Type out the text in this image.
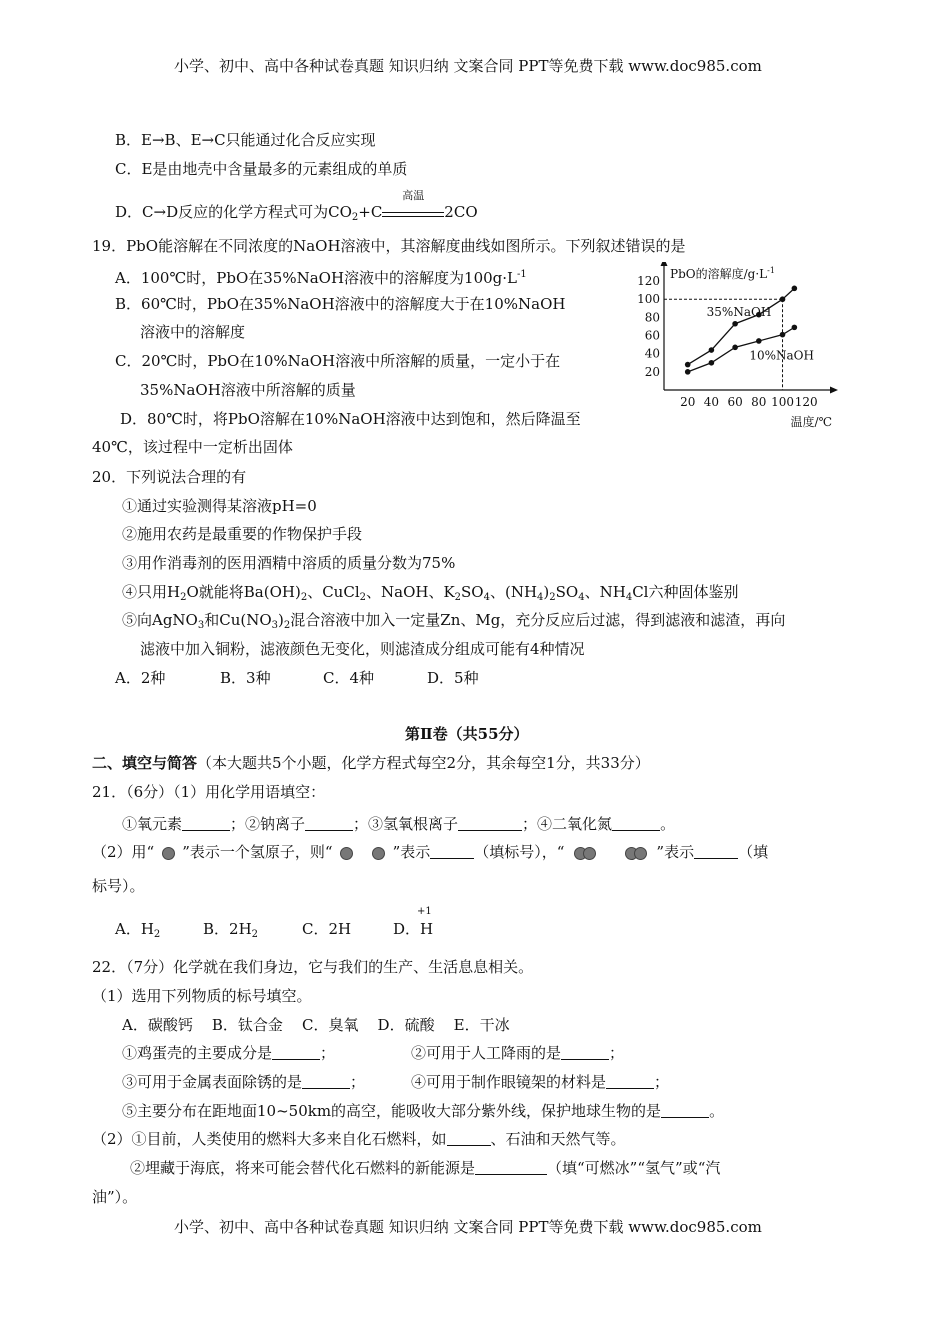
小学、初中、高中各种试卷真题 知识归纳 文案合同 PPT等免费下载 www.doc985.com
B．E→B、E→C只能通过化合反应实现
C．E是由地壳中含量最多的元素组成的单质
D．C→D反应的化学方程式可为$CO_2+C$
高温
2CO
19．PbO能溶解在不同浓度的NaOH溶液中，其溶解度曲线如图所示。下列叙述错误的是
A．100℃时，PbO在35%NaOH溶液中的溶解度为$100g\cdot L^{-1}$
B．60℃时，PbO在35%NaOH溶液中的溶解度大于在10%NaOH
溶液中的溶解度
C．20℃时，PbO在10%NaOH溶液中所溶解的质量，一定小于在
35%NaOH溶液中所溶解的质量
D．80℃时，将PbO溶解在10%NaOH溶液中达到饱和，然后降温至
40℃，该过程中一定析出固体
20
40
60
80
100
120
20 40 60 80 100 120
PbO的溶解度$/g\cdot L^{-1}$
温度/℃
35%NaOH
10%NaOH
20．下列说法合理的有
①通过实验测得某溶液pH=0
②施用农药是最重要的作物保护手段
③用作消毒剂的医用酒精中溶质的质量分数为75%
④只用$H_2O$就能将$Ba(OH)_2$、CuCl$_2$、NaOH、$K_2SO_4$、$(NH_4)_2SO_4$、$NH_4Cl$六种固体鉴别
⑤向AgNO$_3$和$Cu(NO_3)_2$混合溶液中加入一定量Zn、Mg，充分反应后过滤，得到滤液和滤渣，再向
滤液中加入铜粉，滤液颜色无变化，则滤渣成分组成可能有4种情况
A．2种	B．3种	C．4种	D．5种
第Ⅱ卷（共55分）
二、填空与简答（本大题共5个小题，化学方程式每空2分，其余每空1分，共33分）
21．（6分）（1）用化学用语填空：
①氧元素	；②钠离子	；③氢氧根离子	；④二氧化氮	。
（2）用“ ”表示一个氢原子，则“	”表示	（填标号），“	”表示	（填
标号）。
A．$H_2$	B．$2H_2$	C．2H	D．H
+1
22．（7分）化学就在我们身边，它与我们的生产、生活息息相关。
（1）选用下列物质的标号填空。
A．碳酸钙    B．钛合金    C．臭氧    D．硫酸    E．干冰
①鸡蛋壳的主要成分是	；	②可用于人工降雨的是	；
③可用于金属表面除锈的是	；	④可用于制作眼镜架的材料是	；
⑤主要分布在距地面10~50km的高空，能吸收大部分紫外线，保护地球生物的是	。
（2）①目前，人类使用的燃料大多来自化石燃料，如	、石油和天然气等。
②埋藏于海底，将来可能会替代化石燃料的新能源是	（填“可燃冰”“氢气”或“汽
油”）。
小学、初中、高中各种试卷真题 知识归纳 文案合同 PPT等免费下载 www.doc985.com
